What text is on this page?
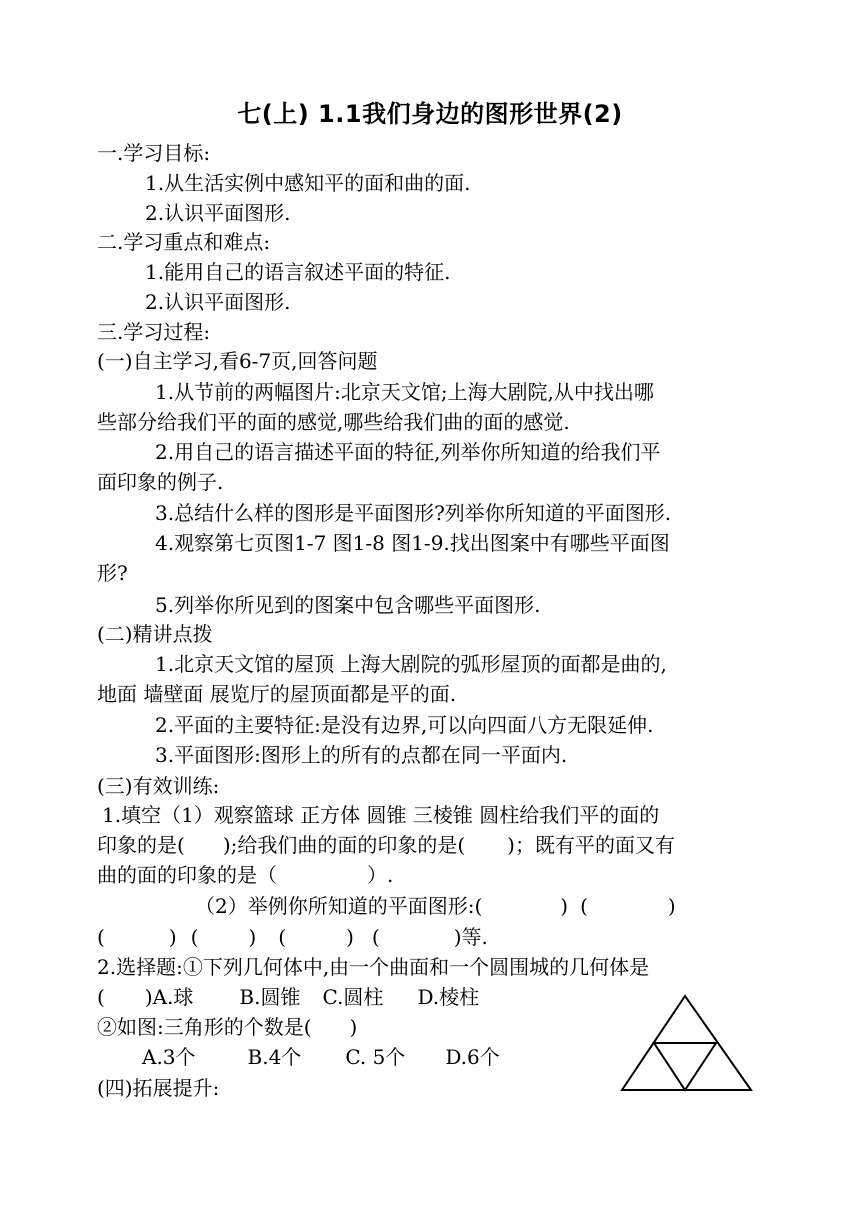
七(上) 1.1我们身边的图形世界(2)
一.学习目标:
1.从生活实例中感知平的面和曲的面.
2.认识平面图形.
二.学习重点和难点:
1.能用自己的语言叙述平面的特征.
2.认识平面图形.
三.学习过程:
(一)自主学习,看6-7页,回答问题
1.从节前的两幅图片:北京天文馆;上海大剧院,从中找出哪
些部分给我们平的面的感觉,哪些给我们曲的面的感觉.
2.用自己的语言描述平面的特征,列举你所知道的给我们平
面印象的例子.
3.总结什么样的图形是平面图形?列举你所知道的平面图形.
4.观察第七页图1-7 图1-8 图1-9.找出图案中有哪些平面图
形?
5.列举你所见到的图案中包含哪些平面图形.
(二)精讲点拨
1.北京天文馆的屋顶 上海大剧院的弧形屋顶的面都是曲的,
地面 墙壁面 展览厅的屋顶面都是平的面.
2.平面的主要特征:是没有边界,可以向四面八方无限延伸.
3.平面图形:图形上的所有的点都在同一平面内.
(三)有效训练:
1.填空（1）观察篮球 正方体 圆锥 三棱锥 圆柱给我们平的面的
印象的是( );给我们曲的面的印象的是( )；既有平的面又有
曲的面的印象的是（	）.
（2）举例你所知道的平面图形:(	) (	)
(	) (	) (	) (	)等.
2.选择题:①下列几何体中,由一个曲面和一个圆围城的几何体是
( )A.球 B.圆锥 C.圆柱 D.棱柱
②如图:三角形的个数是( )
A.3个	B.4个 C. 5个 D.6个
(四)拓展提升:
